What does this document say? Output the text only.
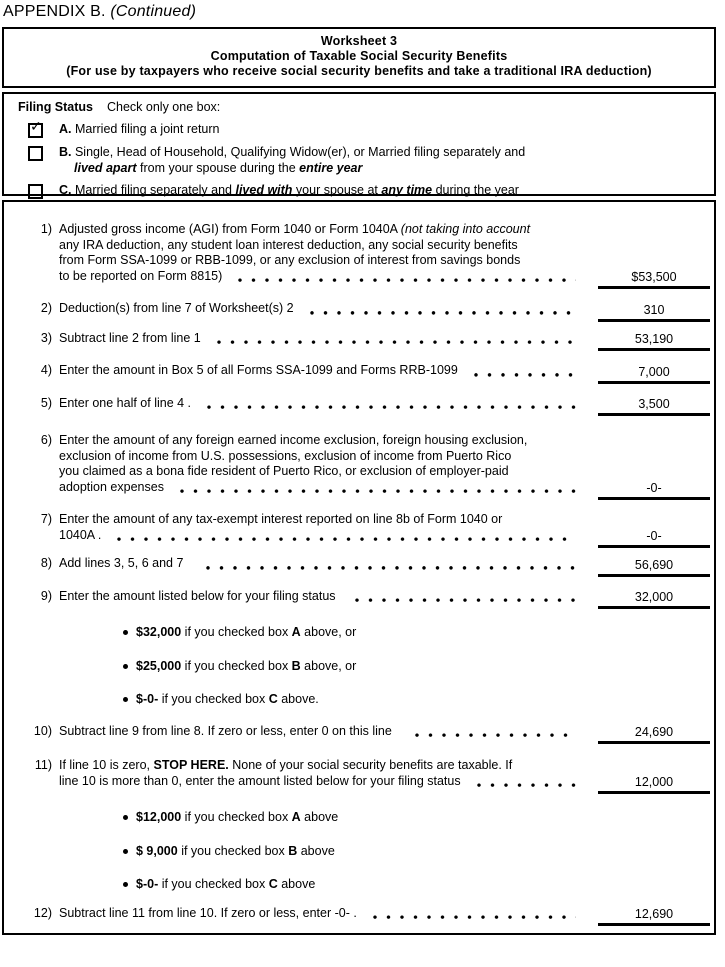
APPENDIX B. (Continued)
Worksheet 3
Computation of Taxable Social Security Benefits
(For use by taxpayers who receive social security benefits and take a traditional IRA deduction)
Filing Status Check only one box:
✓ A. Married filing a joint return
B. Single, Head of Household, Qualifying Widow(er), or Married filing separately and
lived apart from your spouse during the entire year
C. Married filing separately and lived with your spouse at any time during the year
1) Adjusted gross income (AGI) from Form 1040 or Form 1040A (not taking into account
any IRA deduction, any student loan interest deduction, any social security benefits
from Form SSA-1099 or RBB-1099, or any exclusion of interest from savings bonds
to be reported on Form 8815)	$53,500
2) Deduction(s) from line 7 of Worksheet(s) 2	310
3) Subtract line 2 from line 1	53,190
4) Enter the amount in Box 5 of all Forms SSA-1099 and Forms RRB-1099	7,000
5) Enter one half of line 4 .	3,500
6) Enter the amount of any foreign earned income exclusion, foreign housing exclusion,
exclusion of income from U.S. possessions, exclusion of income from Puerto Rico
you claimed as a bona fide resident of Puerto Rico, or exclusion of employer-paid
adoption expenses	-0-
7) Enter the amount of any tax-exempt interest reported on line 8b of Form 1040 or
1040A .	-0-
8) Add lines 3, 5, 6 and 7	56,690
9) Enter the amount listed below for your filing status	32,000
$32,000 if you checked box A above, or
$25,000 if you checked box B above, or
$-0- if you checked box C above.
10) Subtract line 9 from line 8. If zero or less, enter 0 on this line	24,690
11) If line 10 is zero, STOP HERE. None of your social security benefits are taxable. If
line 10 is more than 0, enter the amount listed below for your filing status	12,000
$12,000 if you checked box A above
$ 9,000 if you checked box B above
$-0- if you checked box C above
12) Subtract line 11 from line 10. If zero or less, enter -0- .	12,690
